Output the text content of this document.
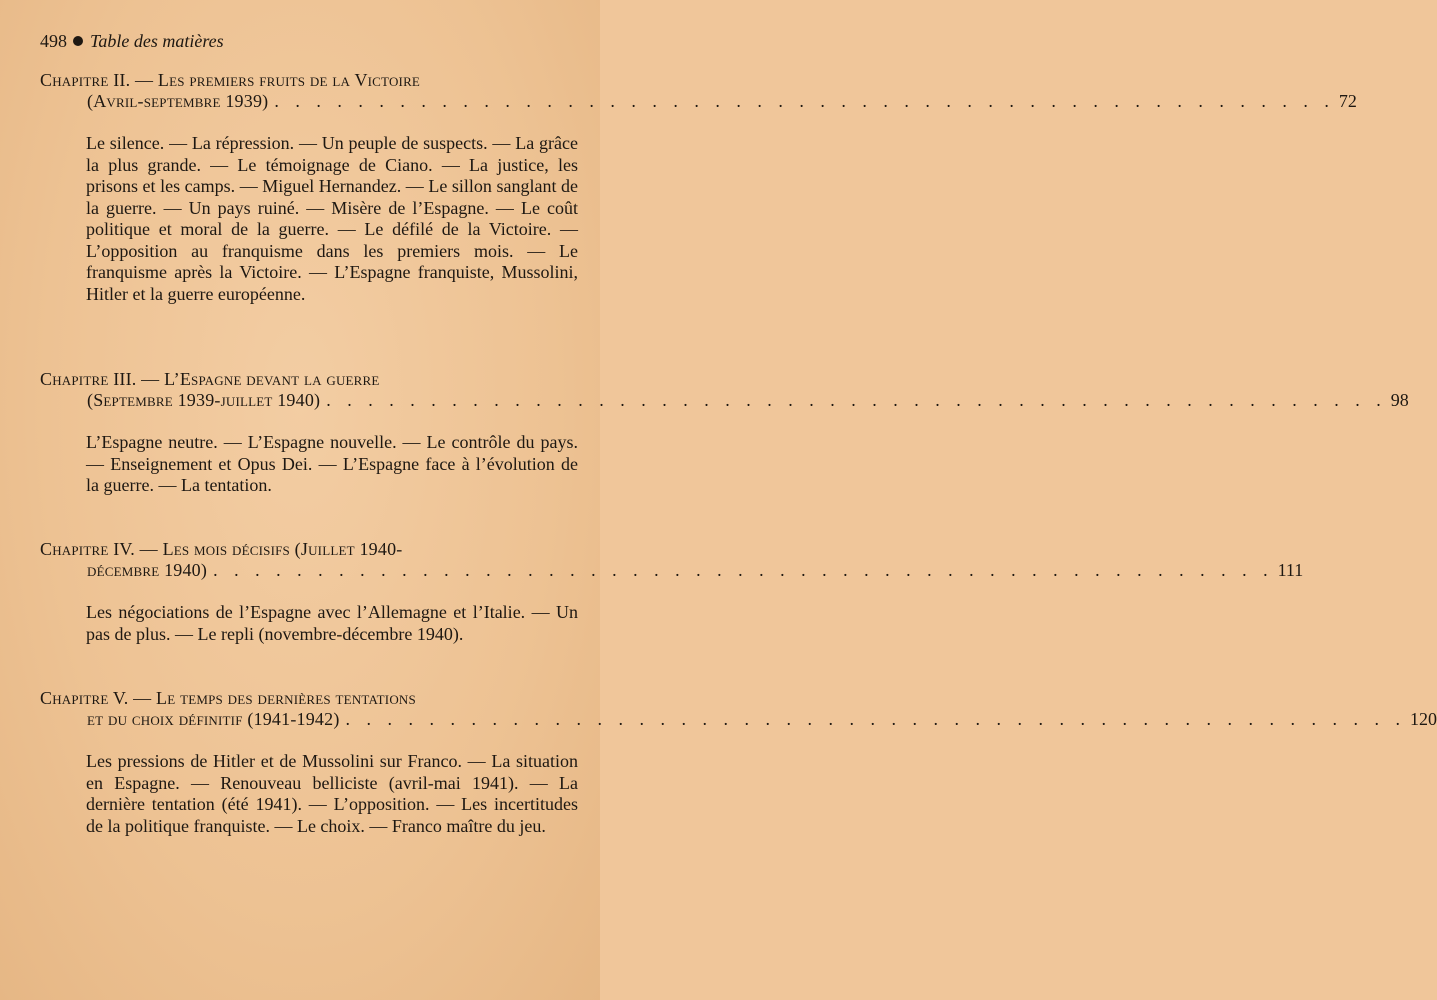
498 Table des matières
Chapitre II. — Les premiers fruits de la Victoire
(Avril-septembre 1939) . . . . . . . . . . . . . . . . . . . . . . . . . . . . . . . . . . . . . . . . . . . . . . . . . . . 72
Le silence. — La répression. — Un peuple de suspects. — La grâce la plus grande. — Le témoignage de Ciano. — La justice, les prisons et les camps. — Miguel Hernandez. — Le sillon sanglant de la guerre. — Un pays ruiné. — Misère de l’Espagne. — Le coût politique et moral de la guerre. — Le défilé de la Victoire. — L’opposition au franquisme dans les premiers mois. — Le franquisme après la Victoire. — L’Espagne franquiste, Mussolini, Hitler et la guerre européenne.
Chapitre III. — L’Espagne devant la guerre
(Septembre 1939-juillet 1940) . . . . . . . . . . . . . . . . . . . . . . . . . . . . . . . . . . . . . . . . . . . . . . . . . . . 98
L’Espagne neutre. — L’Espagne nouvelle. — Le contrôle du pays. — Enseignement et Opus Dei. — L’Espagne face à l’évolution de la guerre. — La tentation.
Chapitre IV. — Les mois décisifs (Juillet 1940-
décembre 1940) . . . . . . . . . . . . . . . . . . . . . . . . . . . . . . . . . . . . . . . . . . . . . . . . . . . 111
Les négociations de l’Espagne avec l’Allemagne et l’Italie. — Un pas de plus. — Le repli (novembre-décembre 1940).
Chapitre V. — Le temps des dernières tentations
et du choix définitif (1941-1942) . . . . . . . . . . . . . . . . . . . . . . . . . . . . . . . . . . . . . . . . . . . . . . . . . . . 120
Les pressions de Hitler et de Mussolini sur Franco. — La situation en Espagne. — Renouveau belliciste (avril-mai 1941). — La dernière tentation (été 1941). — L’opposition. — Les incertitudes de la politique franquiste. — Le choix. — Franco maître du jeu.
